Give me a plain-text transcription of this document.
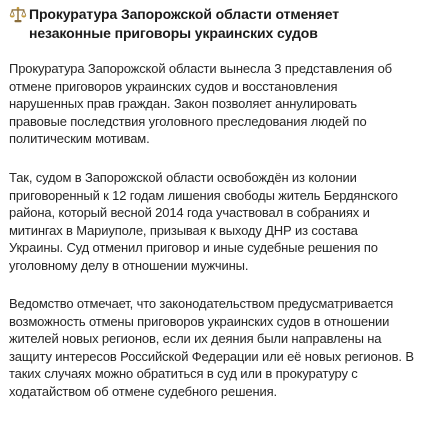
Прокуратура Запорожской области отменяет незаконные приговоры украинских судов

Прокуратура Запорожской области вынесла 3 представления об отмене приговоров украинских судов и восстановления нарушенных прав граждан. Закон позволяет аннулировать правовые последствия уголовного преследования людей по политическим мотивам.

Так, судом в Запорожской области освобождён из колонии приговоренный к 12 годам лишения свободы житель Бердянского района, который весной 2014 года участвовал в собраниях и митингах в Мариуполе, призывая к выходу ДНР из состава Украины. Суд отменил приговор и иные судебные решения по уголовному делу в отношении мужчины.

Ведомство отмечает, что законодательством предусматривается возможность отмены приговоров украинских судов в отношении жителей новых регионов, если их деяния были направлены на защиту интересов Российской Федерации или её новых регионов. В таких случаях можно обратиться в суд или в прокуратуру с ходатайством об отмене судебного решения.
